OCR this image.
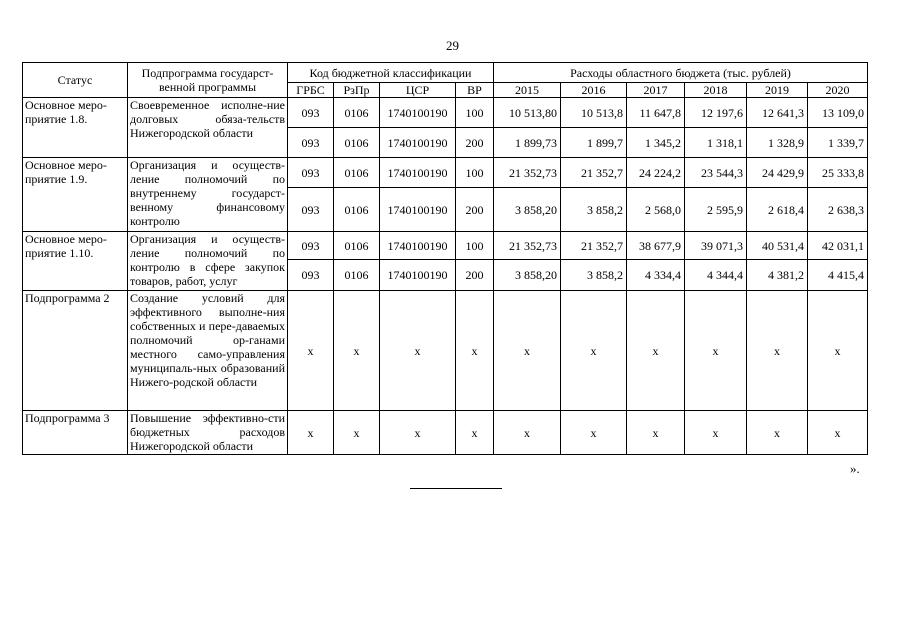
29
Статус	Подпрограмма государст-венной программы	Код бюджетной классификации				Расходы областного бюджета (тыс. рублей)					
		ГРБС	РзПр	ЦСР	ВР	2015	2016	2017	2018	2019	2020
Основное меро-приятие 1.8.	Своевременное исполне-ние долговых обяза-тельств Нижегородской области	093	0106	1740100190	100	10 513,80	10 513,8	11 647,8	12 197,6	12 641,3	13 109,0
		093	0106	1740100190	200	1 899,73	1 899,7	1 345,2	1 318,1	1 328,9	1 339,7
Основное меро-приятие 1.9.	Организация и осуществ-ление полномочий по внутреннему государст-венному финансовому контролю	093	0106	1740100190	100	21 352,73	21 352,7	24 224,2	23 544,3	24 429,9	25 333,8
		093	0106	1740100190	200	3 858,20	3 858,2	2 568,0	2 595,9	2 618,4	2 638,3
Основное меро-приятие 1.10.	Организация и осуществ-ление полномочий по контролю в сфере закупок товаров, работ, услуг	093	0106	1740100190	100	21 352,73	21 352,7	38 677,9	39 071,3	40 531,4	42 031,1
		093	0106	1740100190	200	3 858,20	3 858,2	4 334,4	4 344,4	4 381,2	4 415,4
Подпрограмма 2	Создание условий для эффективного выполне-ния собственных и пере-даваемых полномочий ор-ганами местного само-управления муниципаль-ных образований Нижего-родской области	х	х	х	х	х	х	х	х	х	х
Подпрограмма 3	Повышение эффективно-сти бюджетных расходов Нижегородской области	х	х	х	х	х	х	х	х	х	х
».
